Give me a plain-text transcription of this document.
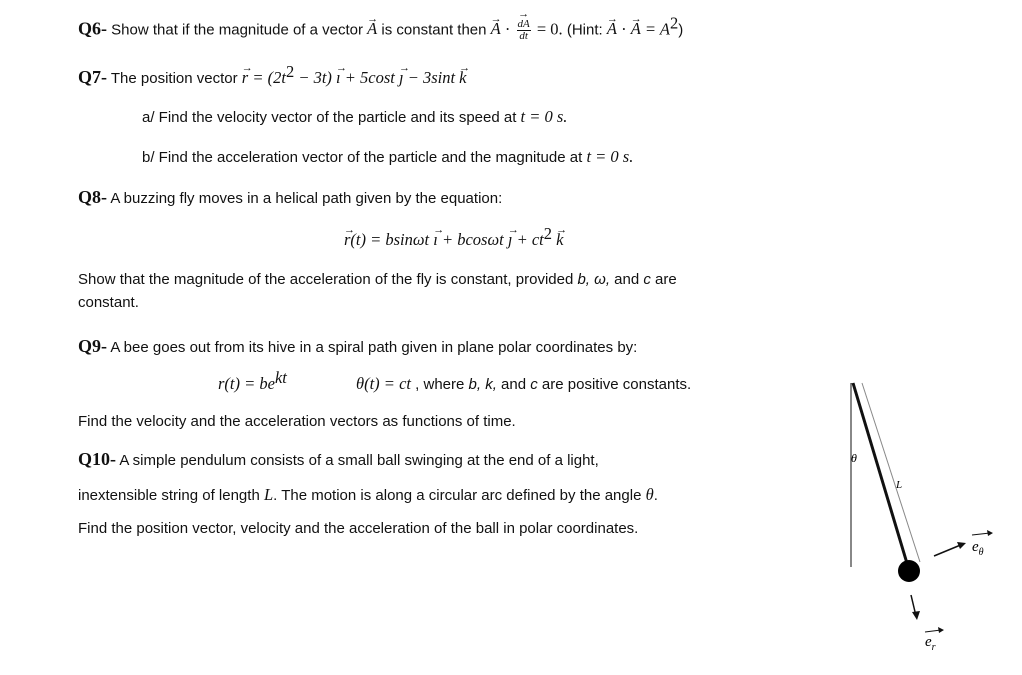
Q6- Show that if the magnitude of a vector → A is constant then → A · → $\frac{dA}{dt} = 0$. (Hint: → A · → $A = A^2$)
Q7- The position vector → $r = (2t^2 - 3t)$ → ı + 5cost → ȷ − 3sint → k
a/ Find the velocity vector of the particle and its speed at t = 0 s.
b/ Find the acceleration vector of the particle and the magnitude at t = 0 s.
Q8- A buzzing fly moves in a helical path given by the equation:
→ r(t) = bsinωt → ı + bcosωt → ȷ + $ct^2 \to k$
Show that the magnitude of the acceleration of the fly is constant, provided b, ω, and c are
constant.
Q9- A bee goes out from its hive in a spiral path given in plane polar coordinates by:
$r(t) = be^{kt}$	θ(t) = ct , where b, k, and c are positive constants.
Find the velocity and the acceleration vectors as functions of time.
Q10- A simple pendulum consists of a small ball swinging at the end of a light,
inextensible string of length L. The motion is along a circular arc defined by the angle θ.
Find the position vector, velocity and the acceleration of the ball in polar coordinates.
θ
L
$e_\theta$
$e_r$
